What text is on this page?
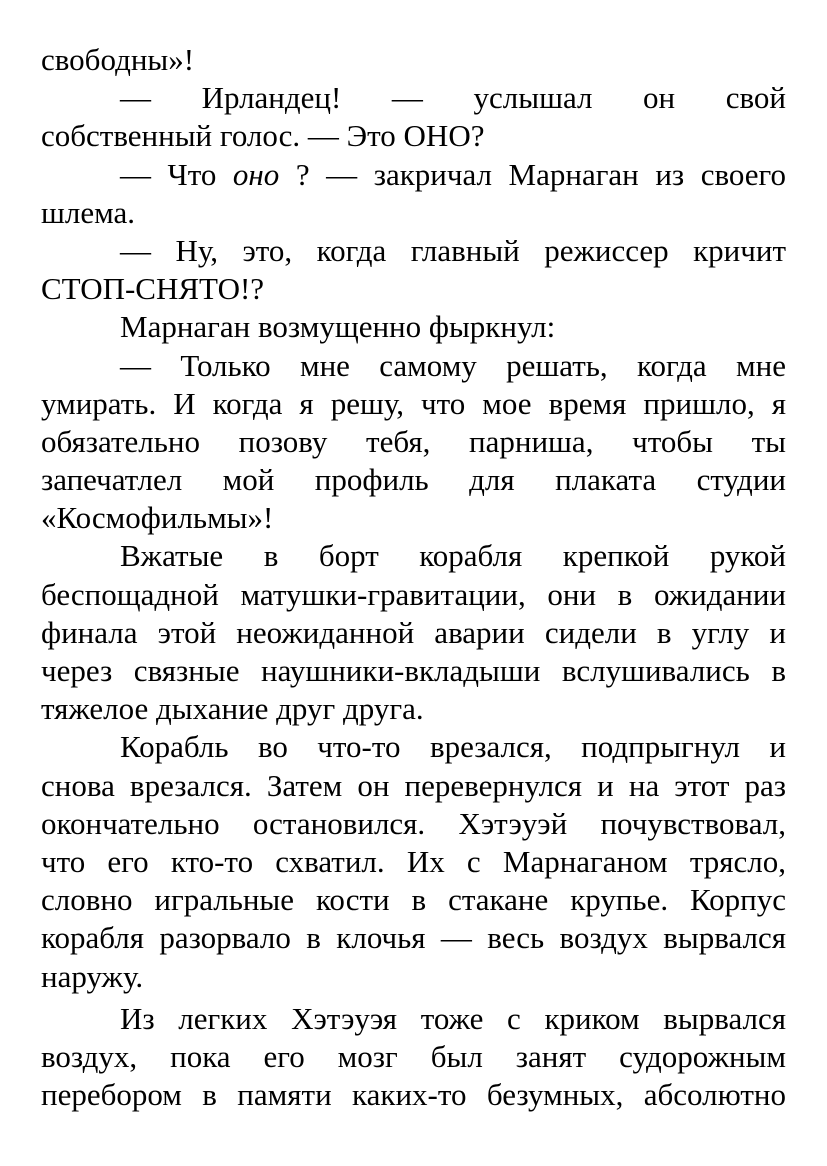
свободны»!
— Ирландец! — услышал он свой
собственный голос. — Это ОНО?
— Что оно ? — закричал Марнаган из своего
шлема.
— Ну, это, когда главный режиссер кричит
СТОП-СНЯТО!?
Марнаган возмущенно фыркнул:
— Только мне самому решать, когда мне
умирать. И когда я решу, что мое время пришло, я
обязательно позову тебя, парниша, чтобы ты
запечатлел мой профиль для плаката студии
«Космофильмы»!
Вжатые в борт корабля крепкой рукой
беспощадной матушки-гравитации, они в ожидании
финала этой неожиданной аварии сидели в углу и
через связные наушники-вкладыши вслушивались в
тяжелое дыхание друг друга.
Корабль во что-то врезался, подпрыгнул и
снова врезался. Затем он перевернулся и на этот раз
окончательно остановился. Хэтэуэй почувствовал,
что его кто-то схватил. Их с Марнаганом трясло,
словно игральные кости в стакане крупье. Корпус
корабля разорвало в клочья — весь воздух вырвался
наружу.
Из легких Хэтэуэя тоже с криком вырвался
воздух, пока его мозг был занят судорожным
перебором в памяти каких-то безумных, абсолютно
